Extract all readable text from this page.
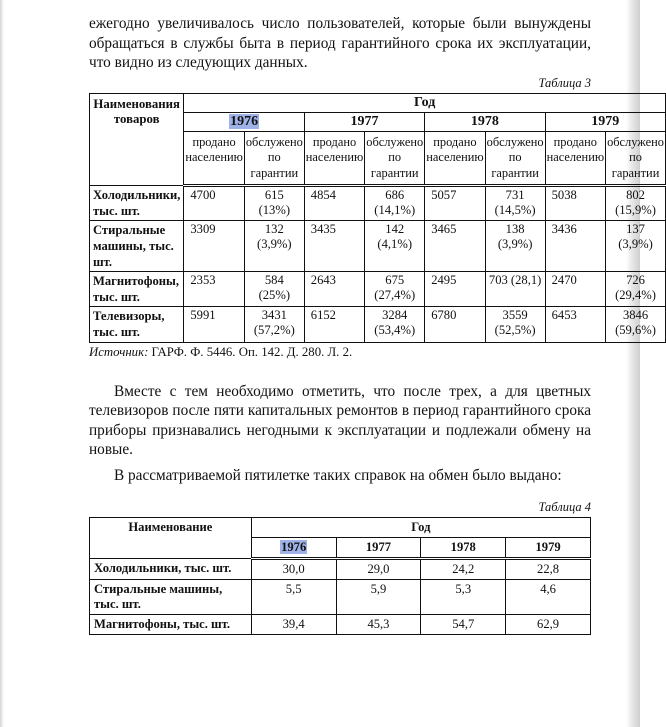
ежегодно увеличивалось число пользователей, которые были вынуждены обращаться в службы быта в период гарантийного срока их эксплуатации, что видно из следующих данных.

Таблица 3

Наименования товаров	Год							
	1976		1977		1978		1979	
	продано населению	обслужено по гарантии	продано населению	обслужено по гарантии	продано населению	обслужено по гарантии	продано населению	обслужено по гарантии
Холодильники, тыс. шт.	4700	615 (13%)	4854	686 (14,1%)	5057	731 (14,5%)	5038	802 (15,9%)
Стиральные машины, тыс. шт.	3309	132 (3,9%)	3435	142 (4,1%)	3465	138 (3,9%)	3436	137 (3,9%)
Магнитофоны, тыс. шт.	2353	584 (25%)	2643	675 (27,4%)	2495	703 (28,1)	2470	726 (29,4%)
Телевизоры, тыс. шт.	5991	3431 (57,2%)	6152	3284 (53,4%)	6780	3559 (52,5%)	6453	3846 (59,6%)

Источник: ГАРФ. Ф. 5446. Оп. 142. Д. 280. Л. 2.

Вместе с тем необходимо отметить, что после трех, а для цветных телевизоров после пяти капитальных ремонтов в период гарантийного срока приборы признавались негодными к эксплуатации и подлежали обмену на новые.

В рассматриваемой пятилетке таких справок на обмен было выдано:

Таблица 4

Наименование	Год			
	1976	1977	1978	1979
Холодильники, тыс. шт.	30,0	29,0	24,2	22,8
Стиральные машины, тыс. шт.	5,5	5,9	5,3	4,6
Магнитофоны, тыс. шт.	39,4	45,3	54,7	62,9
